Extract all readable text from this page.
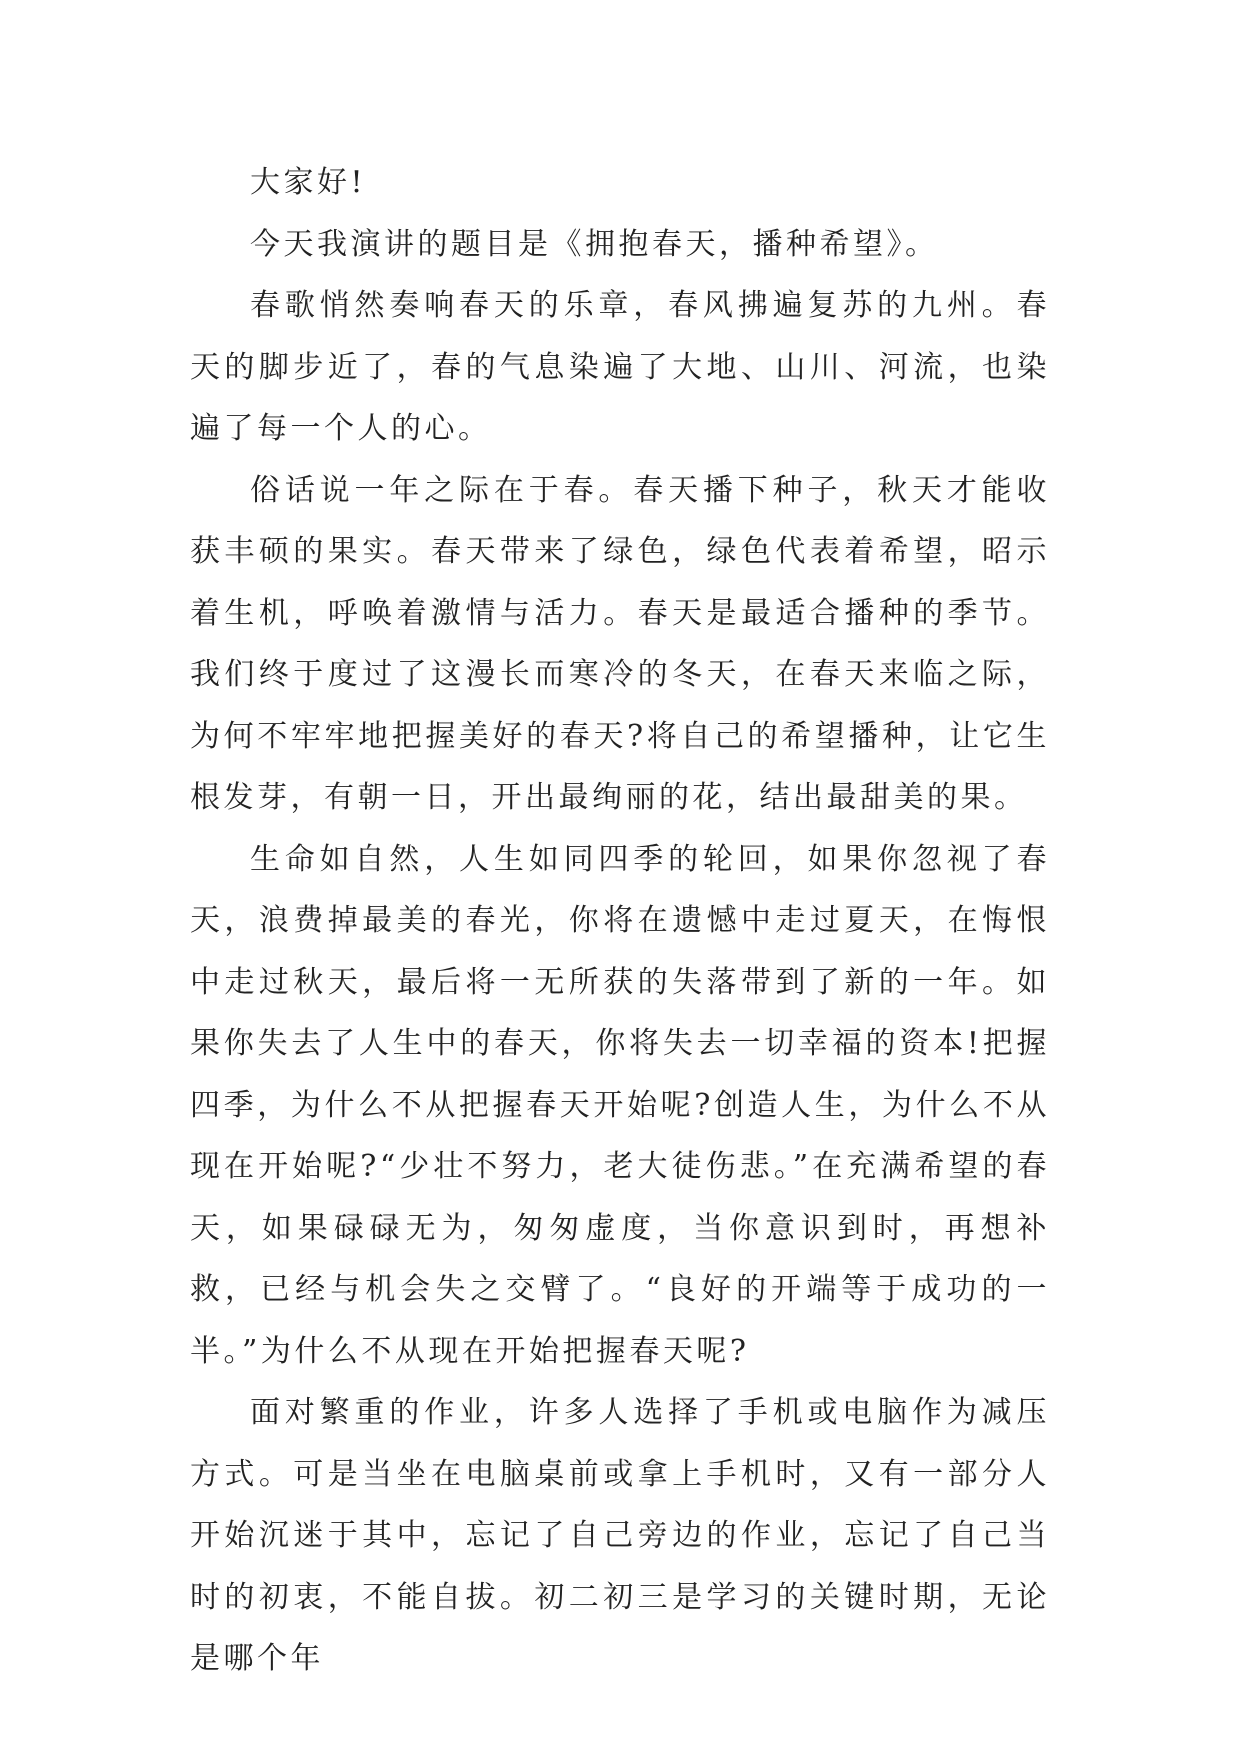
大家好!

今天我演讲的题目是《拥抱春天，播种希望》。

春歌悄然奏响春天的乐章，春风拂遍复苏的九州。春天的脚步近了，春的气息染遍了大地、山川、河流，也染遍了每一个人的心。

俗话说一年之际在于春。春天播下种子，秋天才能收获丰硕的果实。春天带来了绿色，绿色代表着希望，昭示着生机，呼唤着激情与活力。春天是最适合播种的季节。我们终于度过了这漫长而寒冷的冬天，在春天来临之际，为何不牢牢地把握美好的春天?将自己的希望播种，让它生根发芽，有朝一日，开出最绚丽的花，结出最甜美的果。

生命如自然，人生如同四季的轮回，如果你忽视了春天，浪费掉最美的春光，你将在遗憾中走过夏天，在悔恨中走过秋天，最后将一无所获的失落带到了新的一年。如果你失去了人生中的春天，你将失去一切幸福的资本!把握四季，为什么不从把握春天开始呢?创造人生，为什么不从现在开始呢?“少壮不努力，老大徒伤悲。”在充满希望的春天，如果碌碌无为，匆匆虚度，当你意识到时，再想补救，已经与机会失之交臂了。“良好的开端等于成功的一半。”为什么不从现在开始把握春天呢?

面对繁重的作业，许多人选择了手机或电脑作为减压方式。可是当坐在电脑桌前或拿上手机时，又有一部分人开始沉迷于其中，忘记了自己旁边的作业，忘记了自己当时的初衷，不能自拔。初二初三是学习的关键时期，无论是哪个年
